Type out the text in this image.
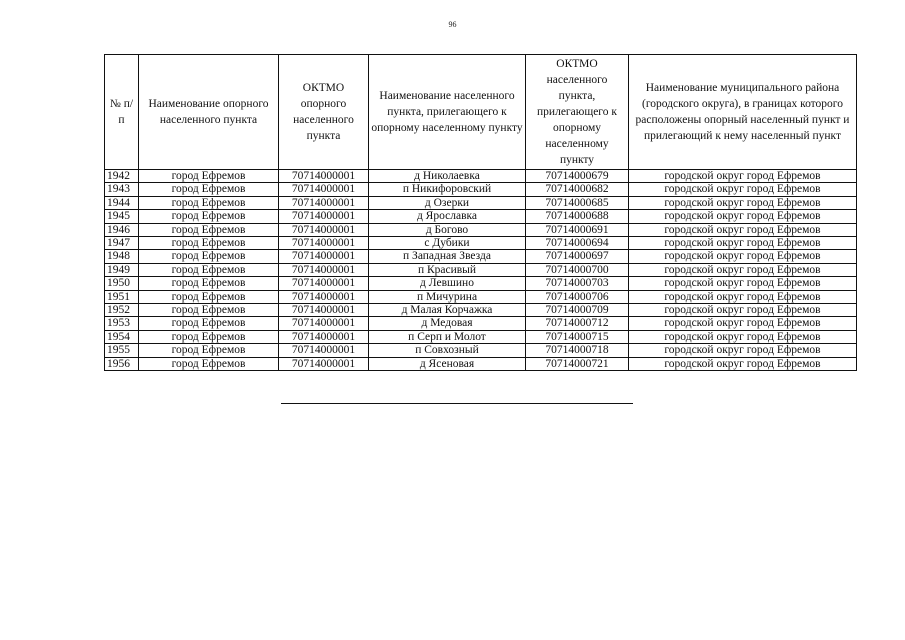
96
№ п/п	Наименование опорного населенного пункта	ОКТМО опорного населенного пункта	Наименование населенного пункта, прилегающего к опорному населенному пункту	ОКТМО населенного пункта, прилегающего к опорному населенному пункту	Наименование муниципального района (городского округа), в границах которого расположены опорный населенный пункт и прилегающий к нему населенный пункт
1942	город Ефремов	70714000001	д Николаевка	70714000679	городской округ город Ефремов
1943	город Ефремов	70714000001	п Никифоровский	70714000682	городской округ город Ефремов
1944	город Ефремов	70714000001	д Озерки	70714000685	городской округ город Ефремов
1945	город Ефремов	70714000001	д Ярославка	70714000688	городской округ город Ефремов
1946	город Ефремов	70714000001	д Богово	70714000691	городской округ город Ефремов
1947	город Ефремов	70714000001	с Дубики	70714000694	городской округ город Ефремов
1948	город Ефремов	70714000001	п Западная Звезда	70714000697	городской округ город Ефремов
1949	город Ефремов	70714000001	п Красивый	70714000700	городской округ город Ефремов
1950	город Ефремов	70714000001	д Левшино	70714000703	городской округ город Ефремов
1951	город Ефремов	70714000001	п Мичурина	70714000706	городской округ город Ефремов
1952	город Ефремов	70714000001	д Малая Корчажка	70714000709	городской округ город Ефремов
1953	город Ефремов	70714000001	д Медовая	70714000712	городской округ город Ефремов
1954	город Ефремов	70714000001	п Серп и Молот	70714000715	городской округ город Ефремов
1955	город Ефремов	70714000001	п Совхозный	70714000718	городской округ город Ефремов
1956	город Ефремов	70714000001	д Ясеновая	70714000721	городской округ город Ефремов
